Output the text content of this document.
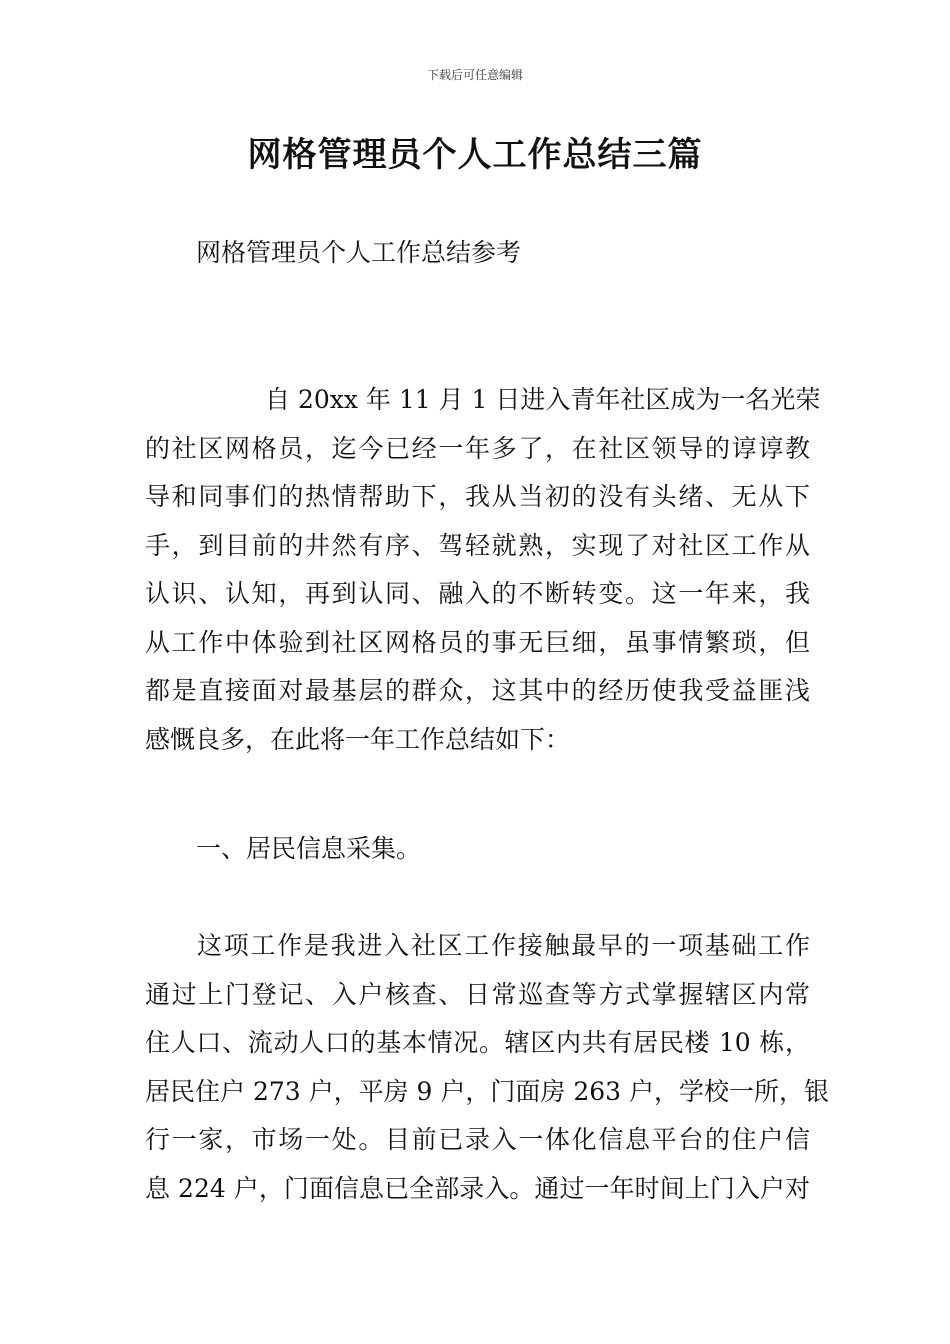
下载后可任意编辑
网格管理员个人工作总结三篇
网格管理员个人工作总结参考
自 20xx 年 11 月 1 日进入青年社区成为一名光荣
的社区网格员，迄今已经一年多了，在社区领导的谆谆教
导和同事们的热情帮助下，我从当初的没有头绪、无从下
手，到目前的井然有序、驾轻就熟，实现了对社区工作从
认识、认知，再到认同、融入的不断转变。这一年来，我
从工作中体验到社区网格员的事无巨细，虽事情繁琐，但
都是直接面对最基层的群众，这其中的经历使我受益匪浅
感慨良多，在此将一年工作总结如下：
一、居民信息采集。
这项工作是我进入社区工作接触最早的一项基础工作
通过上门登记、入户核查、日常巡查等方式掌握辖区内常
住人口、流动人口的基本情况。辖区内共有居民楼 10 栋，
居民住户 273 户，平房 9 户，门面房 263 户，学校一所，银
行一家，市场一处。目前已录入一体化信息平台的住户信
息 224 户，门面信息已全部录入。通过一年时间上门入户对
